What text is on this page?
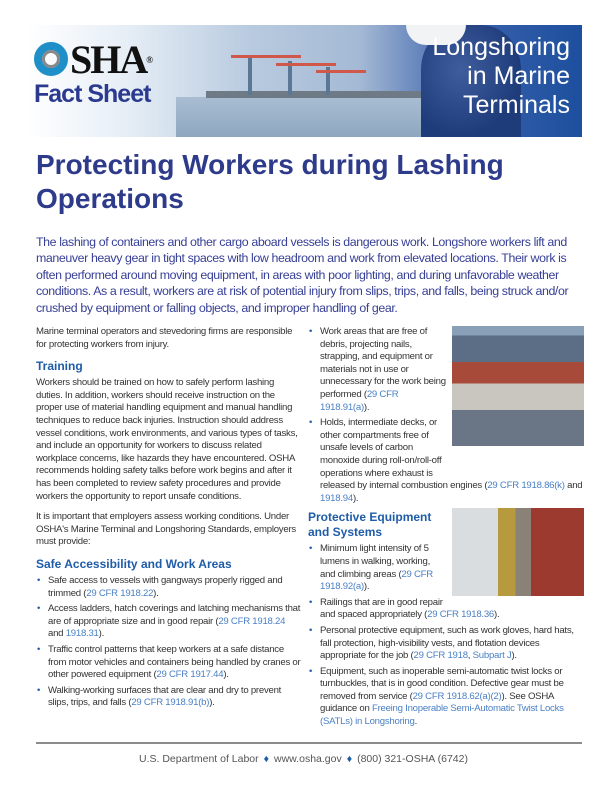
SHA®
Fact Sheet
Longshoring
in Marine
Terminals
Protecting Workers during Lashing Operations
The lashing of containers and other cargo aboard vessels is dangerous work. Longshore workers lift and maneuver heavy gear in tight spaces with low headroom and work from elevated locations. Their work is often performed around moving equipment, in areas with poor lighting, and during unfavorable weather conditions. As a result, workers are at risk of potential injury from slips, trips, and falls, being struck and/or crushed by equipment or falling objects, and improper handling of gear.

Marine terminal operators and stevedoring firms are responsible for protecting workers from injury.

Training

Workers should be trained on how to safely perform lashing duties. In addition, workers should receive instruction on the proper use of material handling equipment and manual handling techniques to reduce back injuries. Instruction should address vessel conditions, work environments, and various types of tasks, and include an opportunity for workers to discuss related workplace concerns, like hazards they have encountered. OSHA recommends holding safety talks before work begins and after it has been completed to review safety procedures and provide workers the opportunity to report unsafe conditions.

It is important that employers assess working conditions. Under OSHA's Marine Terminal and Longshoring Standards, employers must provide:

Safe Accessibility and Work Areas
• Safe access to vessels with gangways properly rigged and trimmed (29 CFR 1918.22).
• Access ladders, hatch coverings and latching mechanisms that are of appropriate size and in good repair (29 CFR 1918.24 and 1918.31).
• Traffic control patterns that keep workers at a safe distance from motor vehicles and containers being handled by cranes or other powered equipment (29 CFR 1917.44).
• Walking-working surfaces that are clear and dry to prevent slips, trips, and falls (29 CFR 1918.91(b)).
• Work areas that are free of debris, projecting nails, strapping, and equipment or materials not in use or unnecessary for the work being performed (29 CFR 1918.91(a)).
• Holds, intermediate decks, or other compartments free of unsafe levels of carbon monoxide during roll-on/roll-off operations where exhaust is released by internal combustion engines (29 CFR 1918.86(k) and 1918.94).
Protective Equipment and Systems
• Minimum light intensity of 5 lumens in walking, working, and climbing areas (29 CFR 1918.92(a)).
• Railings that are in good repair and spaced appropriately (29 CFR 1918.36).
• Personal protective equipment, such as work gloves, hard hats, fall protection, high-visibility vests, and flotation devices appropriate for the job (29 CFR 1918, Subpart J).
• Equipment, such as inoperable semi-automatic twist locks or turnbuckles, that is in good condition. Defective gear must be removed from service (29 CFR 1918.62(a)(2)). See OSHA guidance on Freeing Inoperable Semi-Automatic Twist Locks (SATLs) in Longshoring.
U.S. Department of Labor ♦ www.osha.gov ♦ (800) 321-OSHA (6742)
